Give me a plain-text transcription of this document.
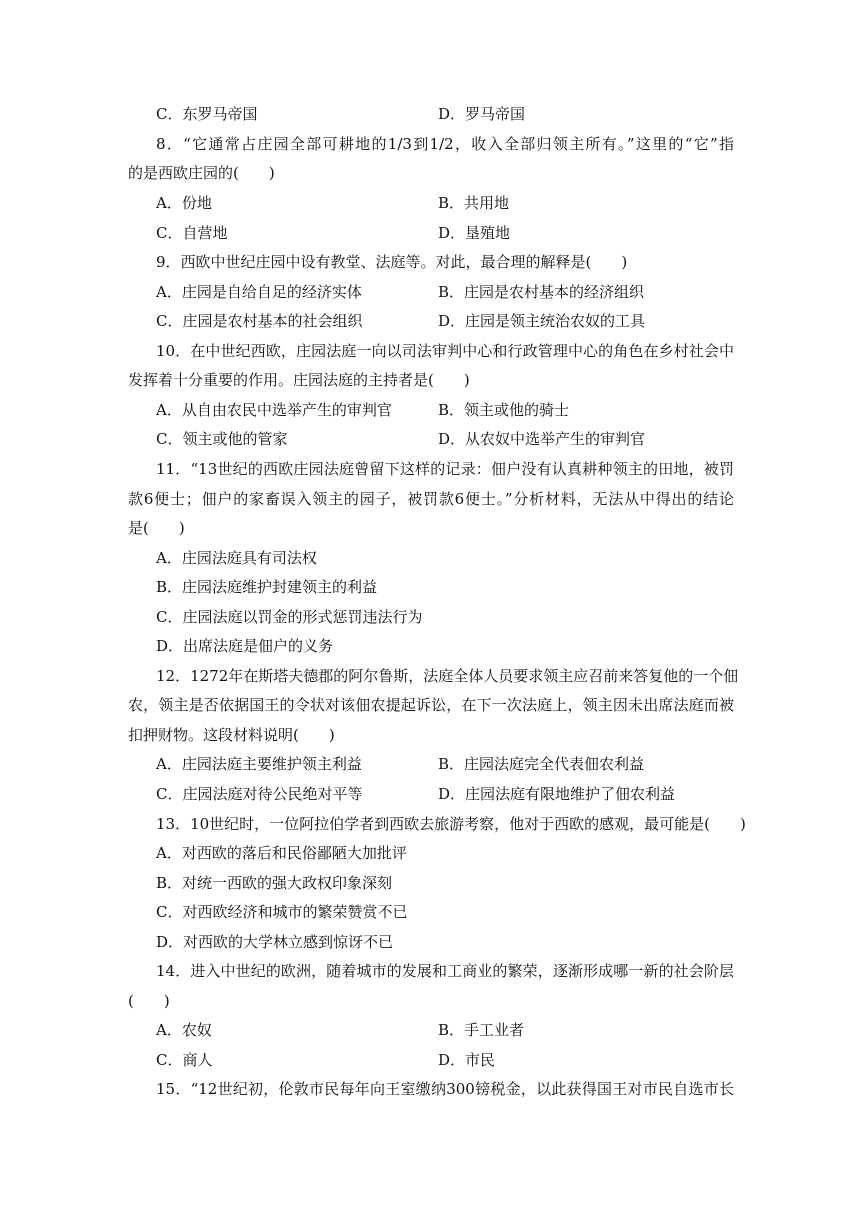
C．东罗马帝国	D．罗马帝国
8．“它通常占庄园全部可耕地的1/3到1/2，收入全部归领主所有。”这里的“它”指
的是西欧庄园的(　　)
A．份地	B．共用地
C．自营地	D．垦殖地
9．西欧中世纪庄园中设有教堂、法庭等。对此，最合理的解释是(　　)
A．庄园是自给自足的经济实体	B．庄园是农村基本的经济组织
C．庄园是农村基本的社会组织	D．庄园是领主统治农奴的工具
10．在中世纪西欧，庄园法庭一向以司法审判中心和行政管理中心的角色在乡村社会中
发挥着十分重要的作用。庄园法庭的主持者是(　　)
A．从自由农民中选举产生的审判官	B．领主或他的骑士
C．领主或他的管家	D．从农奴中选举产生的审判官
11．“13世纪的西欧庄园法庭曾留下这样的记录：佃户没有认真耕种领主的田地，被罚
款6便士；佃户的家畜误入领主的园子，被罚款6便士。”分析材料，无法从中得出的结论
是(　　)
A．庄园法庭具有司法权
B．庄园法庭维护封建领主的利益
C．庄园法庭以罚金的形式惩罚违法行为
D．出席法庭是佃户的义务
12．1272年在斯塔夫德郡的阿尔鲁斯，法庭全体人员要求领主应召前来答复他的一个佃
农，领主是否依据国王的令状对该佃农提起诉讼，在下一次法庭上，领主因未出席法庭而被
扣押财物。这段材料说明(　　)
A．庄园法庭主要维护领主利益	B．庄园法庭完全代表佃农利益
C．庄园法庭对待公民绝对平等	D．庄园法庭有限地维护了佃农利益
13．10世纪时，一位阿拉伯学者到西欧去旅游考察，他对于西欧的感观，最可能是(　　)
A．对西欧的落后和民俗鄙陋大加批评
B．对统一西欧的强大政权印象深刻
C．对西欧经济和城市的繁荣赞赏不已
D．对西欧的大学林立感到惊讶不已
14．进入中世纪的欧洲，随着城市的发展和工商业的繁荣，逐渐形成哪一新的社会阶层
(　　)
A．农奴	B．手工业者
C．商人	D．市民
15．“12世纪初，伦敦市民每年向王室缴纳300镑税金，以此获得国王对市民自选市长
